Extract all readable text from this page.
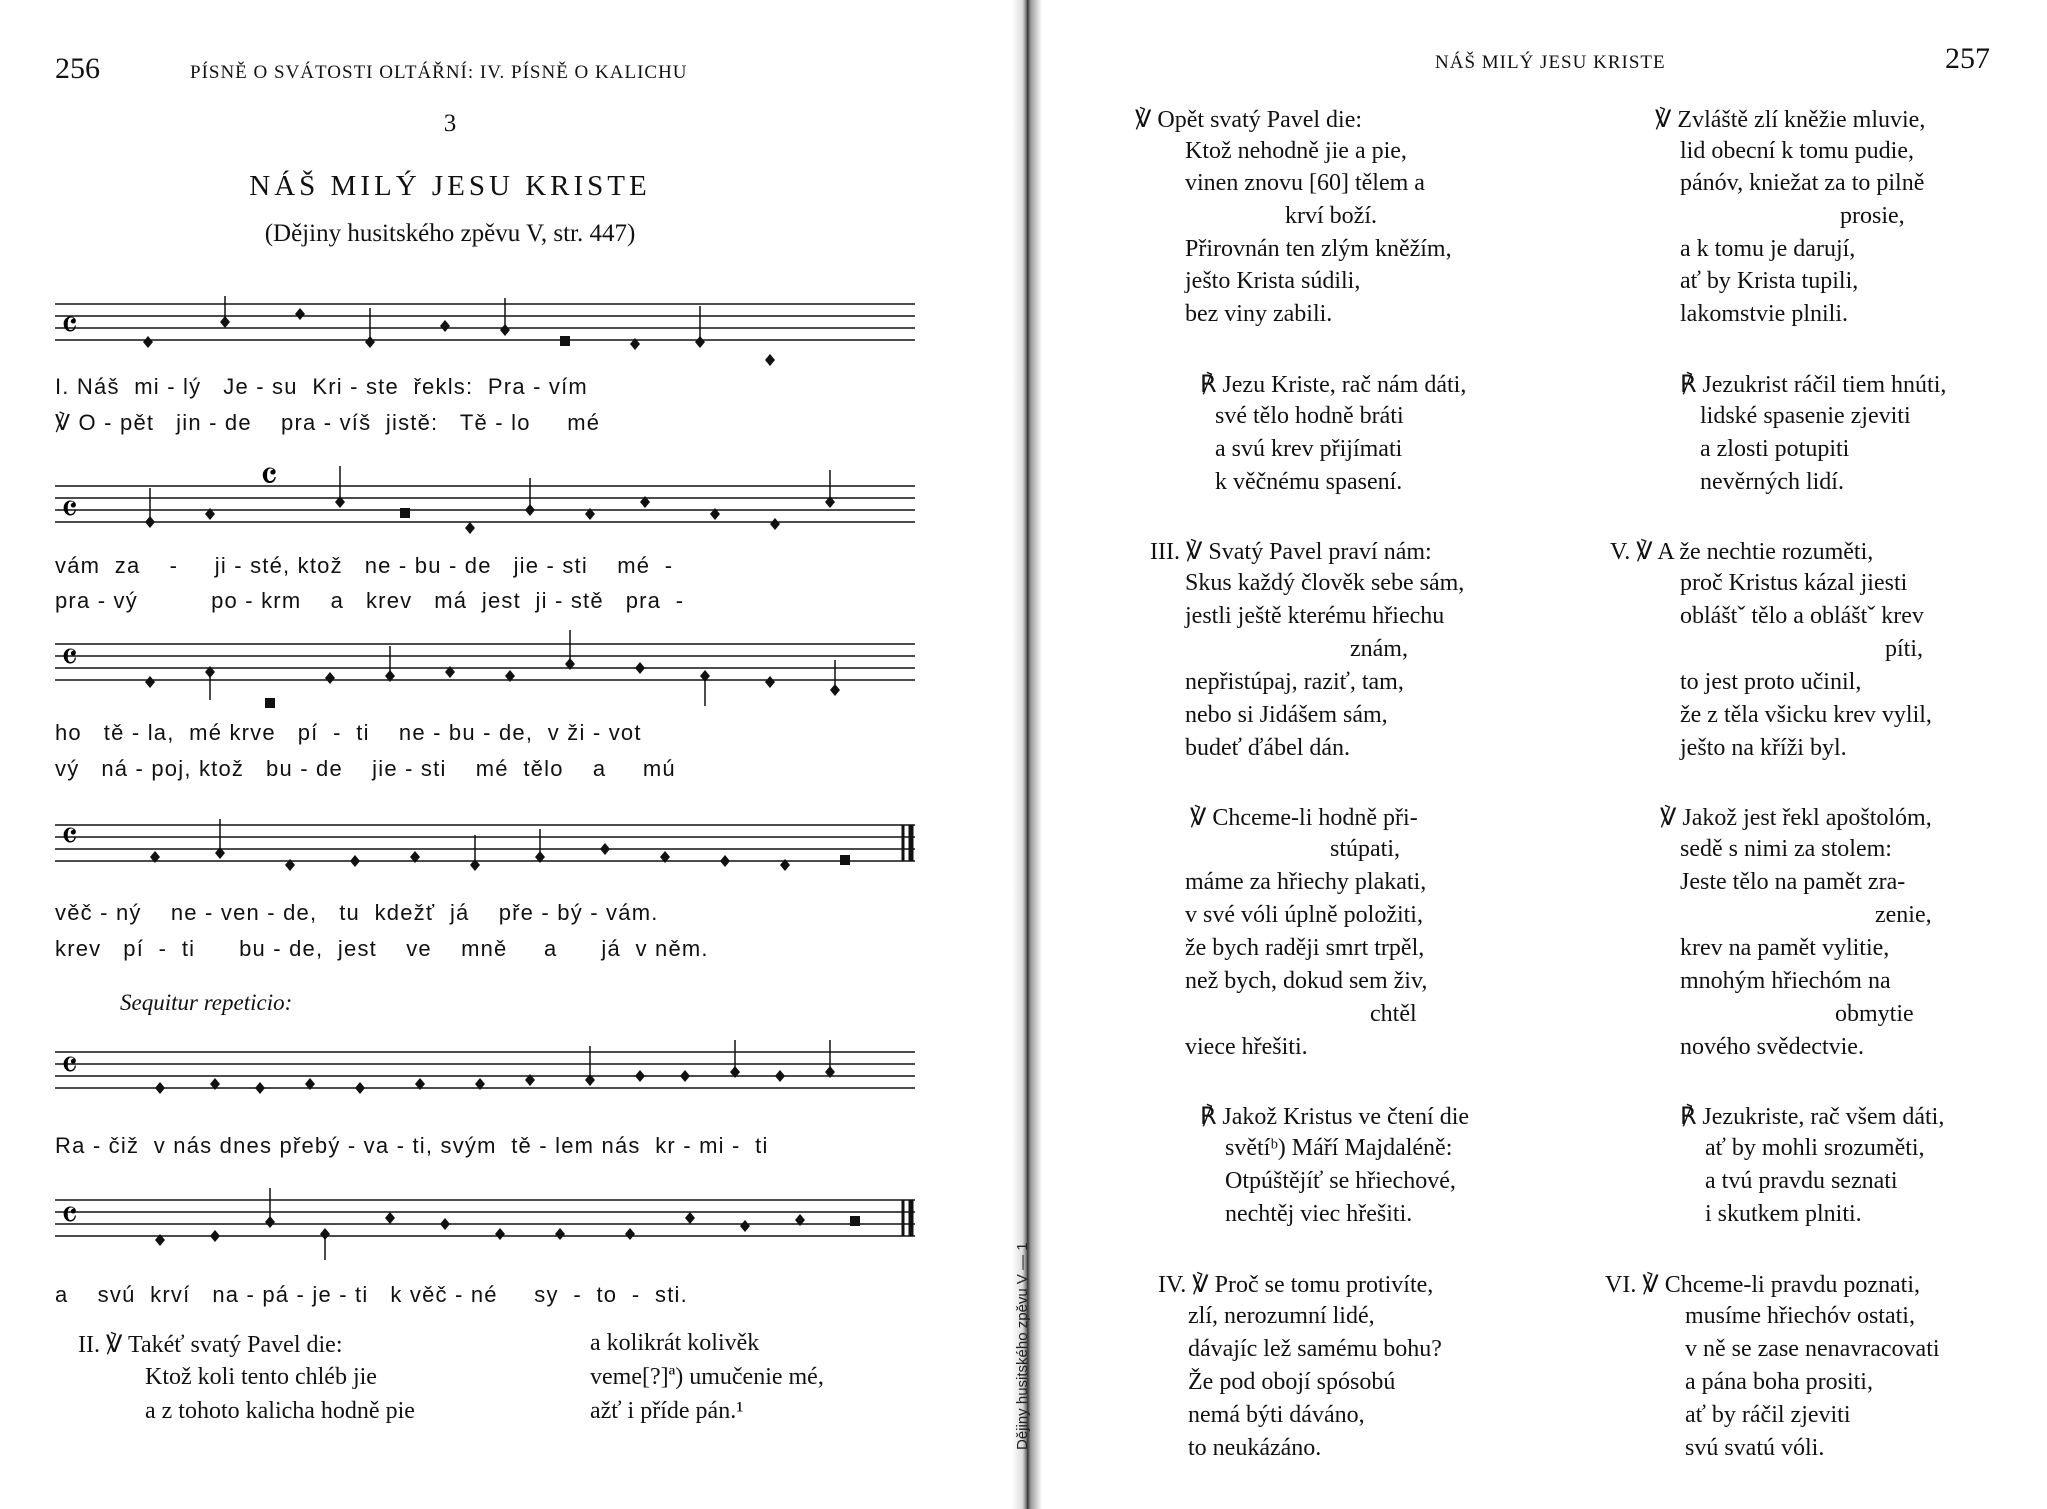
256	PÍSNĚ O SVÁTOSTI OLTÁŘNÍ: IV. PÍSNĚ O KALICHU
3
NÁŠ MILÝ JESU KRISTE
(Dějiny husitského zpěvu V, str. 447)
𝄴
I. Náš  mi - lý   Je - su  Kri - ste  řekls:  Pra - vím
℣ O - pět   jin - de    pra - víš  jistě:   Tě - lo     mé
𝄴
𝄴
vám  za    -     ji - sté, ktož   ne - bu - de   jie - sti    mé  -
pra - vý          po - krm    a   krev   má  jest  ji - stě   pra  -
𝄴
ho   tě - la,  mé krve   pí  -  ti    ne - bu - de,  v ži - vot
vý   ná - poj, ktož   bu - de    jie - sti    mé  tělo    a     mú
𝄴
věč - ný    ne - ven - de,   tu  kdežť  já    pře - bý - vám.
krev   pí  -  ti      bu - de,  jest    ve    mně     a      já  v něm.
Sequitur repeticio:
𝄴
Ra - čiž  v nás dnes přebý - va - ti, svým  tě - lem nás  kr - mi -  ti
𝄴
a    svú  krví   na - pá - je - ti   k věč - né     sy  -  to  -  sti.
II. ℣ Takéť svatý Pavel die:
Ktož koli tento chléb jie
a z tohoto kalicha hodně pie
a kolikrát kolivěk
veme[?]ª) umučenie mé,
ažť i příde pán.¹	Dějiny husitského zpěvu V — 1
NÁŠ MILÝ JESU KRISTE	257
℣ Opět svatý Pavel die:
Ktož nehodně jie a pie,
vinen znovu [60] tělem a
krví boží.
Přirovnán ten zlým kněžím,
ješto Krista súdili,
bez viny zabili.
℟ Jezu Kriste, rač nám dáti,
své tělo hodně bráti
a svú krev přijímati
k věčnému spasení.
III. ℣ Svatý Pavel praví nám:
Skus každý člověk sebe sám,
jestli ještě kterému hřiechu
znám,
nepřistúpaj, raziť, tam,
nebo si Jidášem sám,
budeť ďábel dán.
℣ Chceme-li hodně při-
stúpati,
máme za hřiechy plakati,
v své vóli úplně položiti,
že bych raději smrt trpěl,
než bych, dokud sem živ,
chtěl
viece hřešiti.
℟ Jakož Kristus ve čtení die
světíᵇ) Máří Majdaléně:
Otpúštějíť se hřiechové,
nechtěj viec hřešiti.
IV. ℣ Proč se tomu protivíte,
zlí, nerozumní lidé,
dávajíc lež samému bohu?
Že pod obojí spósobú
nemá býti dáváno,
to neukázáno.
℣ Zvláště zlí kněžie mluvie,
lid obecní k tomu pudie,
pánóv, kniežat za to pilně
prosie,
a k tomu je darují,
ať by Krista tupili,
lakomstvie plnili.
℟ Jezukrist ráčil tiem hnúti,
lidské spasenie zjeviti
a zlosti potupiti
nevěrných lidí.
V. ℣ A že nechtie rozuměti,
proč Kristus kázal jiesti
obláštˇ tělo a obláštˇ krev
píti,
to jest proto učinil,
že z těla všicku krev vylil,
ješto na kříži byl.
℣ Jakož jest řekl apoštolóm,
sedě s nimi za stolem:
Jeste tělo na pamět zra-
zenie,
krev na pamět vylitie,
mnohým hřiechóm na
obmytie
nového svědectvie.
℟ Jezukriste, rač všem dáti,
ať by mohli srozuměti,
a tvú pravdu seznati
i skutkem plniti.
VI. ℣ Chceme-li pravdu poznati,
musíme hřiechóv ostati,
v ně se zase nenavracovati
a pána boha prositi,
ať by ráčil zjeviti
svú svatú vóli.
